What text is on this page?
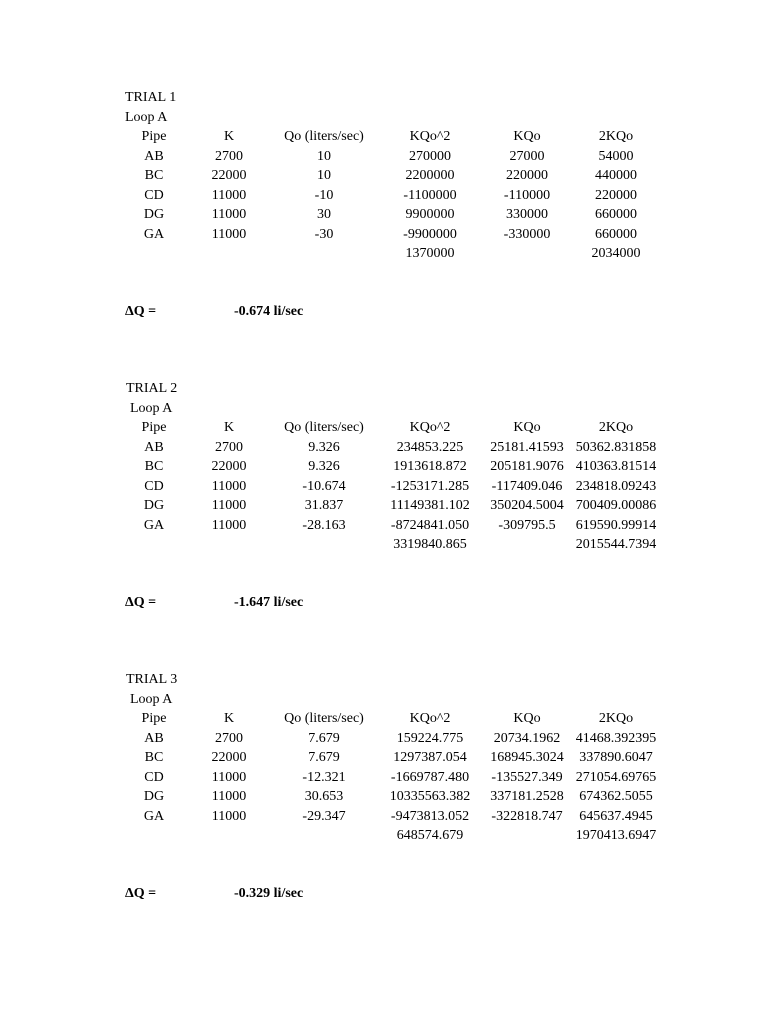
TRIAL 1
Loop A
Pipe	K	Qo (liters/sec)	KQo^2	KQo	2KQo
AB	2700	10	270000	27000	54000
BC	22000	10	2200000	220000	440000
CD	11000	-10	-1100000	-110000	220000
DG	11000	30	9900000	330000	660000
GA	11000	-30	-9900000	-330000	660000
1370000	2034000
ΔQ =	-0.674 li/sec
TRIAL 2
Loop A
Pipe	K	Qo (liters/sec)	KQo^2	KQo	2KQo
AB	2700	9.326	234853.225 25181.41593 50362.831858
BC	22000	9.326	1913618.872 205181.9076 410363.81514
CD	11000	-10.674	-1253171.285 -117409.046 234818.09243
DG	11000	31.837	11149381.102 350204.5004 700409.00086
GA	11000	-28.163	-8724841.050 -309795.5 619590.99914
3319840.865	2015544.7394
ΔQ =	-1.647 li/sec
TRIAL 3
Loop A
Pipe	K	Qo (liters/sec)	KQo^2	KQo	2KQo
AB	2700	7.679	159224.775 20734.1962 41468.392395
BC	22000	7.679	1297387.054 168945.3024 337890.6047
CD	11000	-12.321	-1669787.480 -135527.349 271054.69765
DG	11000	30.653	10335563.382 337181.2528 674362.5055
GA	11000	-29.347	-9473813.052 -322818.747 645637.4945
648574.679	1970413.6947
ΔQ =	-0.329 li/sec
